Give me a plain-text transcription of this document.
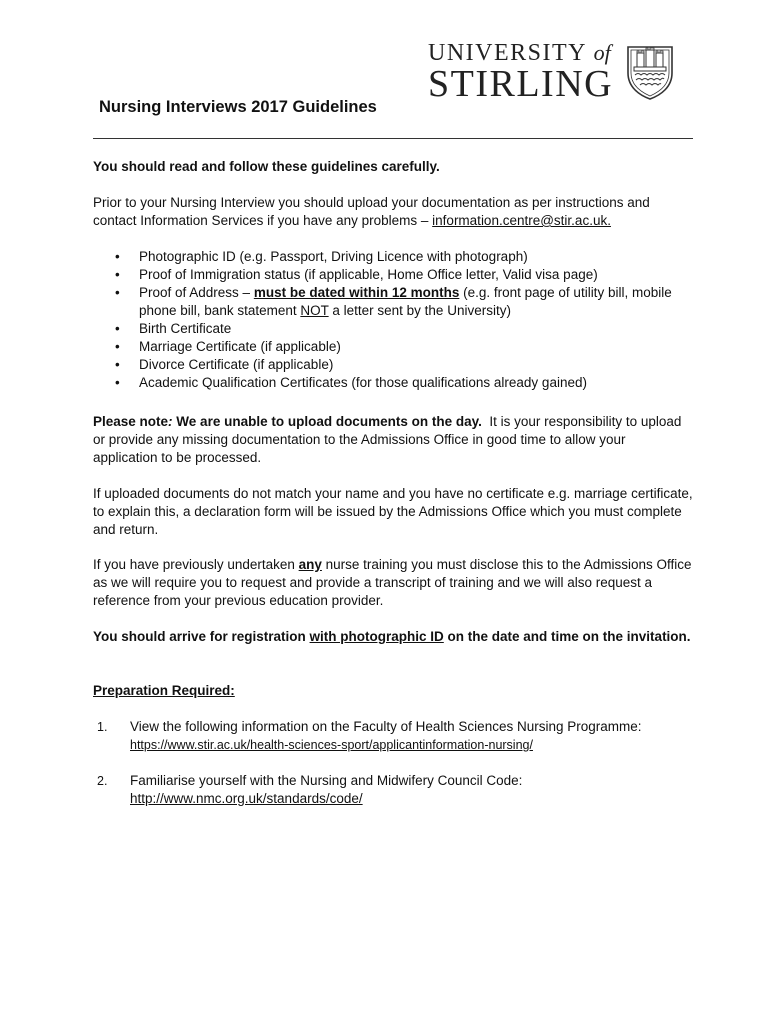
UNIVERSITY of
STIRLING
Nursing Interviews 2017 Guidelines

You should read and follow these guidelines carefully.

Prior to your Nursing Interview you should upload your documentation as per instructions and contact Information Services if you have any problems – information.centre@stir.ac.uk.

• Photographic ID (e.g. Passport, Driving Licence with photograph)
• Proof of Immigration status (if applicable, Home Office letter, Valid visa page)
• Proof of Address – must be dated within 12 months (e.g. front page of utility bill, mobile phone bill, bank statement NOT a letter sent by the University)
• Birth Certificate
• Marriage Certificate (if applicable)
• Divorce Certificate (if applicable)
• Academic Qualification Certificates (for those qualifications already gained)

Please note: We are unable to upload documents on the day.  It is your responsibility to upload or provide any missing documentation to the Admissions Office in good time to allow your application to be processed.

If uploaded documents do not match your name and you have no certificate e.g. marriage certificate, to explain this, a declaration form will be issued by the Admissions Office which you must complete and return.

If you have previously undertaken any nurse training you must disclose this to the Admissions Office as we will require you to request and provide a transcript of training and we will also request a reference from your previous education provider.

You should arrive for registration with photographic ID on the date and time on the invitation.

Preparation Required:

1. View the following information on the Faculty of Health Sciences Nursing Programme:
https://www.stir.ac.uk/health-sciences-sport/applicantinformation-nursing/
2. Familiarise yourself with the Nursing and Midwifery Council Code:
http://www.nmc.org.uk/standards/code/
